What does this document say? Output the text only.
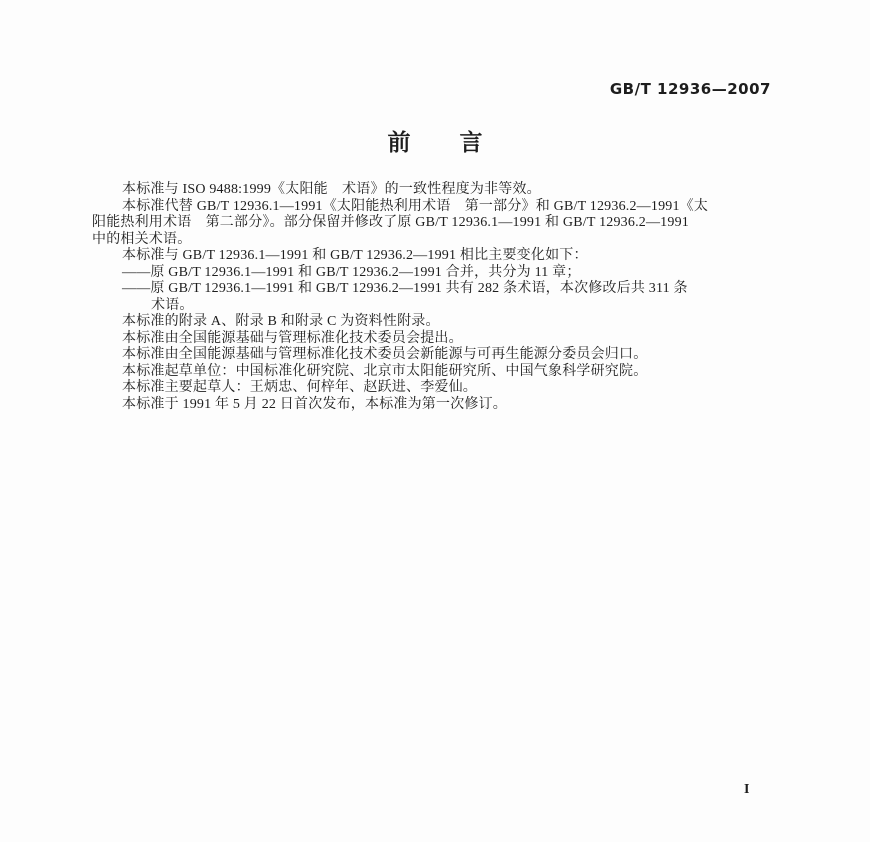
GB/T 12936—2007
前 言
本标准与 ISO 9488:1999《太阳能　术语》的一致性程度为非等效。
本标准代替 GB/T 12936.1—1991《太阳能热利用术语　第一部分》和 GB/T 12936.2—1991《太
阳能热利用术语　第二部分》。部分保留并修改了原 GB/T 12936.1—1991 和 GB/T 12936.2—1991
中的相关术语。
本标准与 GB/T 12936.1—1991 和 GB/T 12936.2—1991 相比主要变化如下：
——原 GB/T 12936.1—1991 和 GB/T 12936.2—1991 合并，共分为 11 章；
——原 GB/T 12936.1—1991 和 GB/T 12936.2—1991 共有 282 条术语，本次修改后共 311 条
术语。
本标准的附录 A、附录 B 和附录 C 为资料性附录。
本标准由全国能源基础与管理标准化技术委员会提出。
本标准由全国能源基础与管理标准化技术委员会新能源与可再生能源分委员会归口。
本标准起草单位：中国标准化研究院、北京市太阳能研究所、中国气象科学研究院。
本标准主要起草人：王炳忠、何梓年、赵跃进、李爱仙。
本标准于 1991 年 5 月 22 日首次发布，本标准为第一次修订。
I
